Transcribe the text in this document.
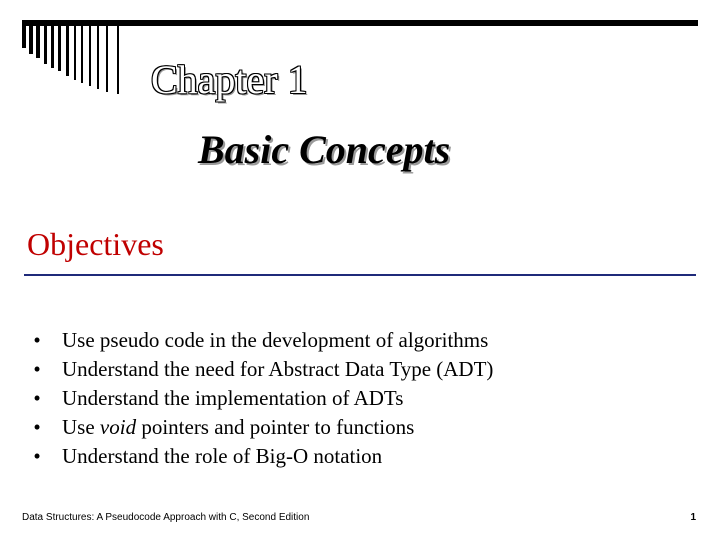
Chapter 1
Basic Concepts
Objectives
• Use pseudo code in the development of algorithms
• Understand the need for Abstract Data Type (ADT)
• Understand the implementation of ADTs
• Use void pointers and pointer to functions
• Understand the role of Big-O notation
Data Structures: A Pseudocode Approach with C, Second Edition	1
